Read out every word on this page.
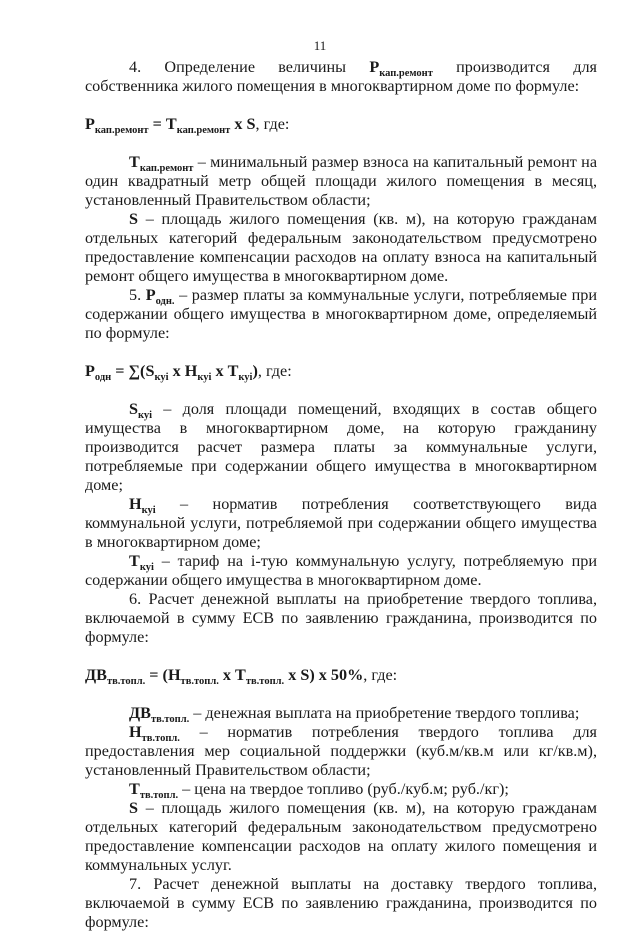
11

4. Определение величины $Р_{кап.ремонт}$ производится для собственника жилого помещения в многоквартирном доме по формуле:

$Р_{кап.ремонт} = Т_{кап.ремонт}$ x S, где:

$Т_{кап.ремонт}$ – минимальный размер взноса на капитальный ремонт на один квадратный метр общей площади жилого помещения в месяц, установленный Правительством области;

S – площадь жилого помещения (кв. м), на которую гражданам отдельных категорий федеральным законодательством предусмотрено предоставление компенсации расходов на оплату взноса на капитальный ремонт общего имущества в многоквартирном доме.

5. $Р_{одн.}$ – размер платы за коммунальные услуги, потребляемые при содержании общего имущества в многоквартирном доме, определяемый по формуле:

$Р_{одн} = \sum(S_{куi}$ x $Н_{куi}$ x $Т_{куi}$), где:

$S_{куi}$ – доля площади помещений, входящих в состав общего имущества в многоквартирном доме, на которую гражданину производится расчет размера платы за коммунальные услуги, потребляемые при содержании общего имущества в многоквартирном доме;

$Н_{куi}$ – норматив потребления соответствующего вида коммунальной услуги, потребляемой при содержании общего имущества в многоквартирном доме;

$Т_{куi}$ – тариф на i-тую коммунальную услугу, потребляемую при содержании общего имущества в многоквартирном доме.

6. Расчет денежной выплаты на приобретение твердого топлива, включаемой в сумму ЕСВ по заявлению гражданина, производится по формуле:

$ДВ_{тв.топл.} = (Н_{тв.топл.}$ x $Т_{тв.топл.}$ x S) x 50%, где:

$ДВ_{тв.топл.}$ – денежная выплата на приобретение твердого топлива;

$Н_{тв.топл.}$ – норматив потребления твердого топлива для предоставления мер социальной поддержки (куб.м/кв.м или кг/кв.м), установленный Правительством области;

$Т_{тв.топл.}$ – цена на твердое топливо (руб./куб.м; руб./кг);

S – площадь жилого помещения (кв. м), на которую гражданам отдельных категорий федеральным законодательством предусмотрено предоставление компенсации расходов на оплату жилого помещения и коммунальных услуг.

7. Расчет денежной выплаты на доставку твердого топлива, включаемой в сумму ЕСВ по заявлению гражданина, производится по формуле:
